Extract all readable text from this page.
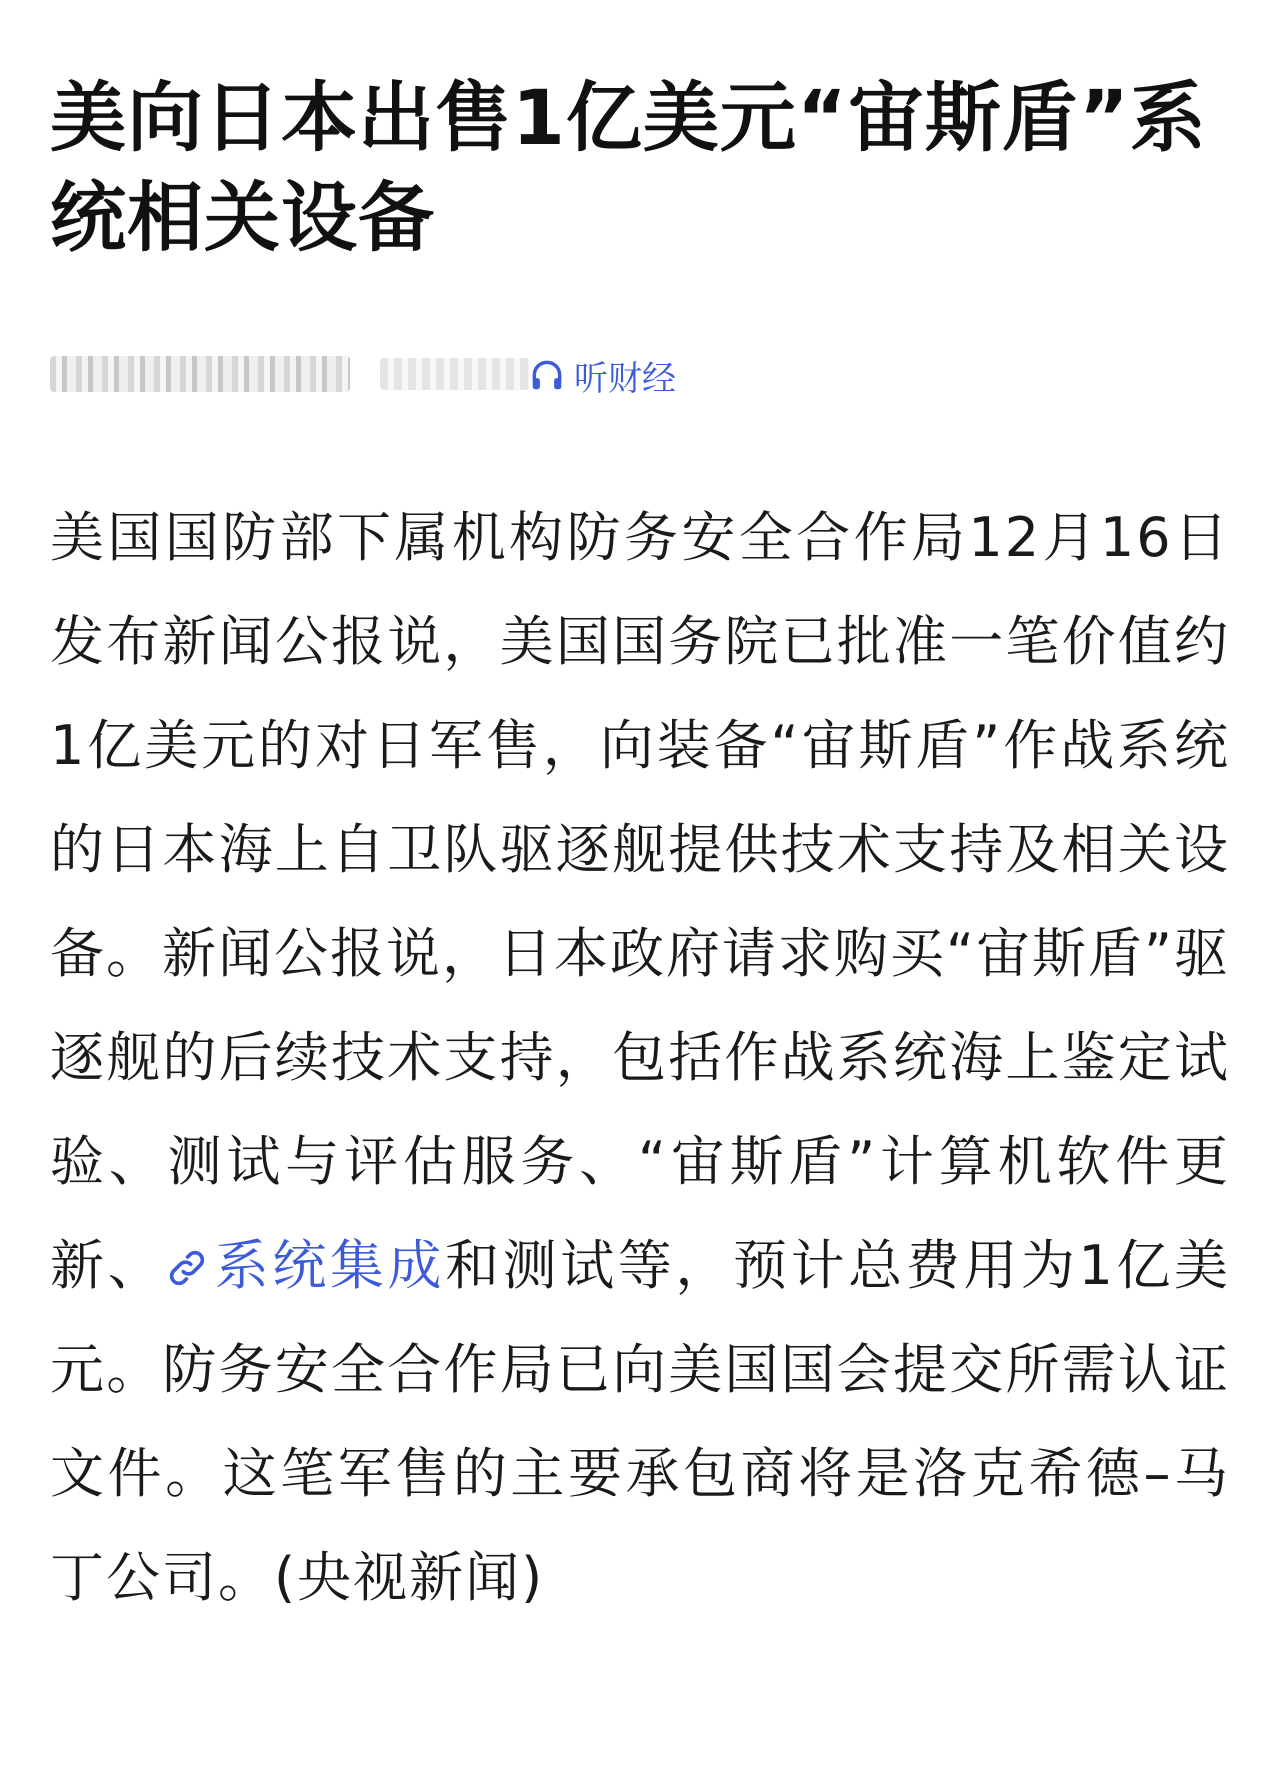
美向日本出售1亿美元“宙斯盾”系统相关设备
听财经

美国国防部下属机构防务安全合作局12月16日发布新闻公报说，美国国务院已批准一笔价值约1亿美元的对日军售，向装备“宙斯盾”作战系统的日本海上自卫队驱逐舰提供技术支持及相关设备。新闻公报说，日本政府请求购买“宙斯盾”驱逐舰的后续技术支持，包括作战系统海上鉴定试验、测试与评估服务、“宙斯盾”计算机软件更新、 系统集成和测试等，预计总费用为1亿美元。防务安全合作局已向美国国会提交所需认证文件。这笔军售的主要承包商将是洛克希德–马丁公司。(央视新闻)
